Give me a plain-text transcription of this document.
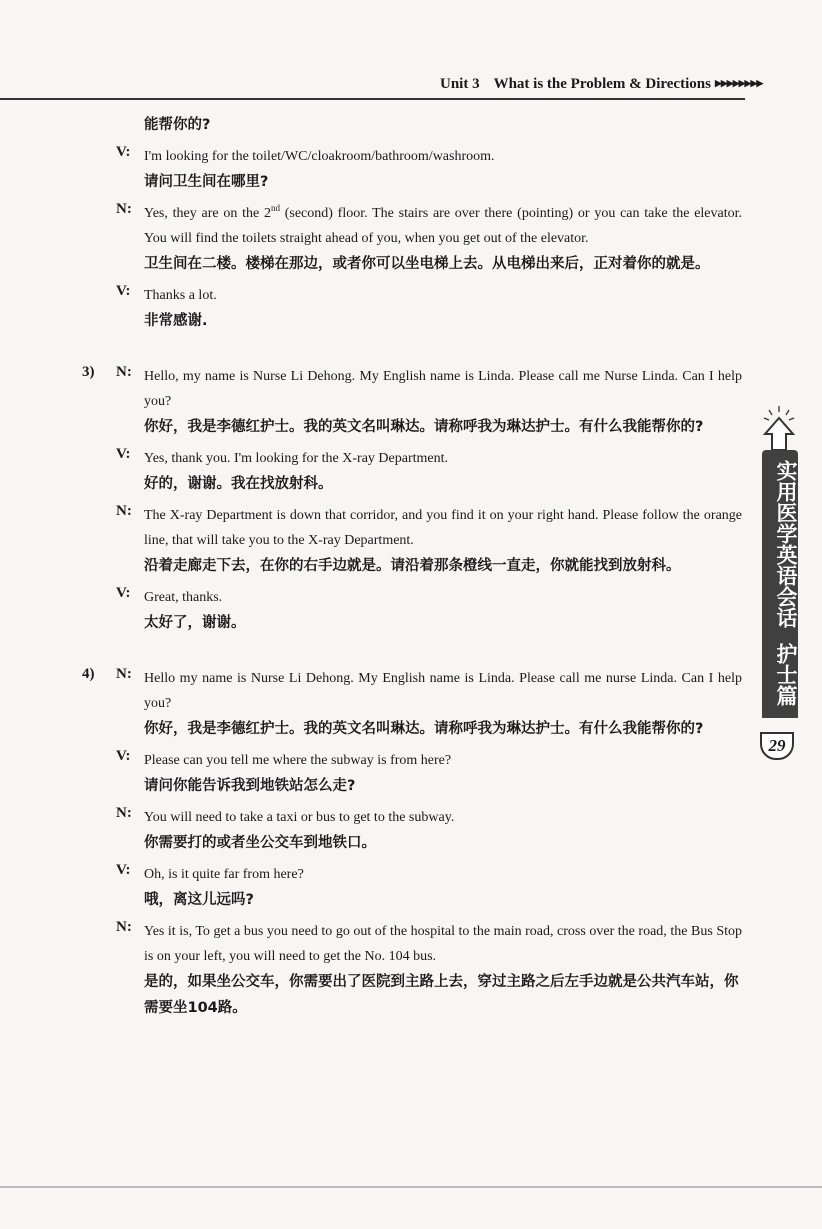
Unit 3 What is the Problem & Directions ▶▶▶▶▶▶▶▶
能帮你的?
V: I'm looking for the toilet/WC/cloakroom/bathroom/washroom.
请问卫生间在哪里?
N: Yes, they are on the 2nd (second) floor. The stairs are over there (pointing) or you can take the elevator. You will find the toilets straight ahead of you, when you get out of the elevator.
卫生间在二楼。楼梯在那边，或者你可以坐电梯上去。从电梯出来后，正对着你的就是。
V: Thanks a lot.
非常感谢.
3) N: Hello, my name is Nurse Li Dehong. My English name is Linda. Please call me Nurse Linda. Can I help you?
你好，我是李德红护士。我的英文名叫琳达。请称呼我为琳达护士。有什么我能帮你的?
V: Yes, thank you. I'm looking for the X-ray Department.
好的，谢谢。我在找放射科。
N: The X-ray Department is down that corridor, and you find it on your right hand. Please follow the orange line, that will take you to the X-ray Department.
沿着走廊走下去，在你的右手边就是。请沿着那条橙线一直走，你就能找到放射科。
V: Great, thanks.
太好了，谢谢。
4) N: Hello my name is Nurse Li Dehong. My English name is Linda. Please call me nurse Linda. Can I help you?
你好，我是李德红护士。我的英文名叫琳达。请称呼我为琳达护士。有什么我能帮你的?
V: Please can you tell me where the subway is from here?
请问你能告诉我到地铁站怎么走?
N: You will need to take a taxi or bus to get to the subway.
你需要打的或者坐公交车到地铁口。
V: Oh, is it quite far from here?
哦，离这儿远吗?
N: Yes it is, To get a bus you need to go out of the hospital to the main road, cross over the road, the Bus Stop is on your left, you will need to get the No. 104 bus.
是的，如果坐公交车，你需要出了医院到主路上去，穿过主路之后左手边就是公共汽车站，你需要坐104路。
实用医学英语会话 护士篇
29
